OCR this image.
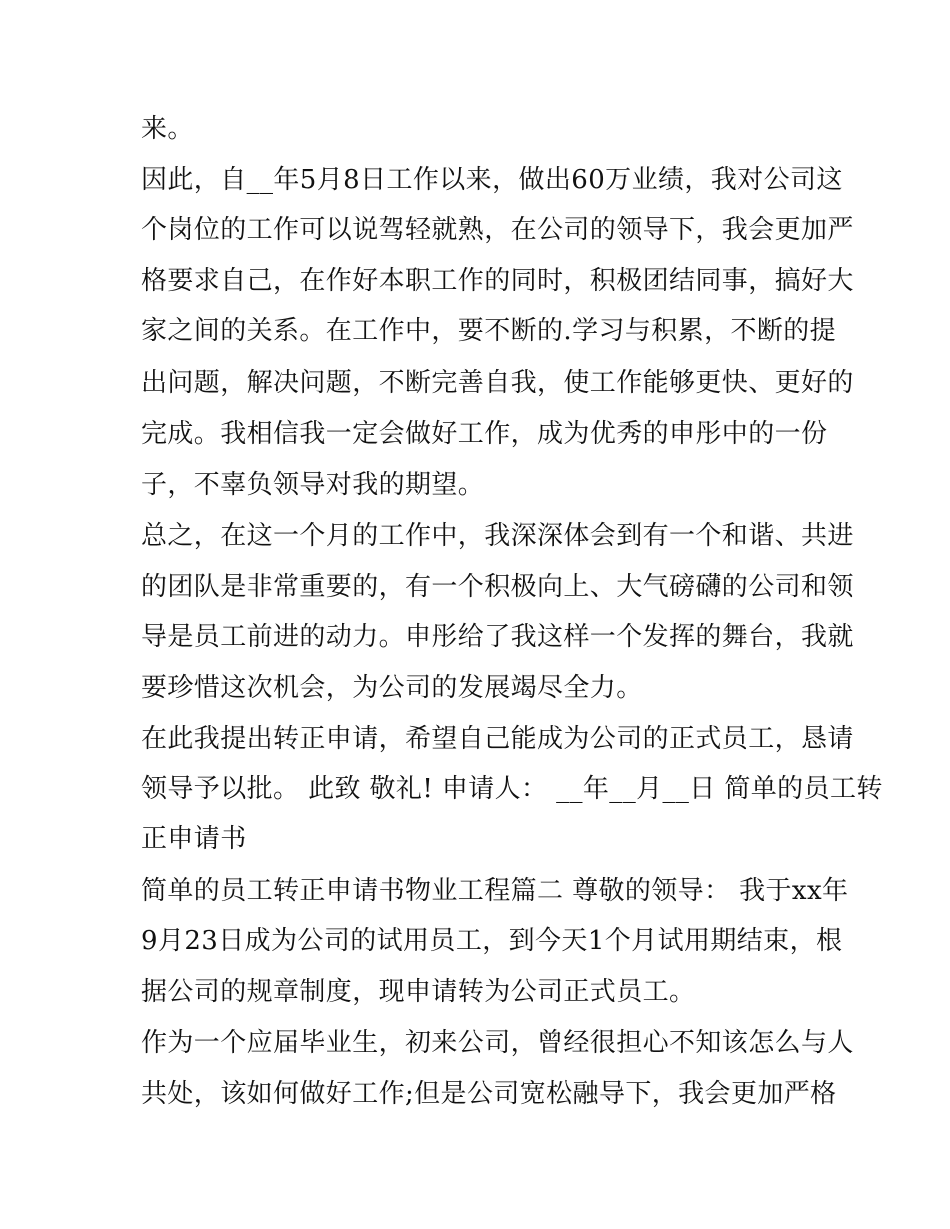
来。
因此，自__年5月8日工作以来，做出60万业绩，我对公司这
个岗位的工作可以说驾轻就熟，在公司的领导下，我会更加严
格要求自己，在作好本职工作的同时，积极团结同事，搞好大
家之间的关系。在工作中，要不断的.学习与积累，不断的提
出问题，解决问题，不断完善自我，使工作能够更快、更好的
完成。我相信我一定会做好工作，成为优秀的申彤中的一份
子，不辜负领导对我的期望。
总之，在这一个月的工作中，我深深体会到有一个和谐、共进
的团队是非常重要的，有一个积极向上、大气磅礴的公司和领
导是员工前进的动力。申彤给了我这样一个发挥的舞台，我就
要珍惜这次机会，为公司的发展竭尽全力。
在此我提出转正申请，希望自己能成为公司的正式员工，恳请
领导予以批。 此致 敬礼! 申请人： __年__月__日 简单的员工转
正申请书
简单的员工转正申请书物业工程篇二 尊敬的领导： 我于xx年
9月23日成为公司的试用员工，到今天1个月试用期结束，根
据公司的规章制度，现申请转为公司正式员工。
作为一个应届毕业生，初来公司，曾经很担心不知该怎么与人
共处，该如何做好工作;但是公司宽松融导下，我会更加严格
